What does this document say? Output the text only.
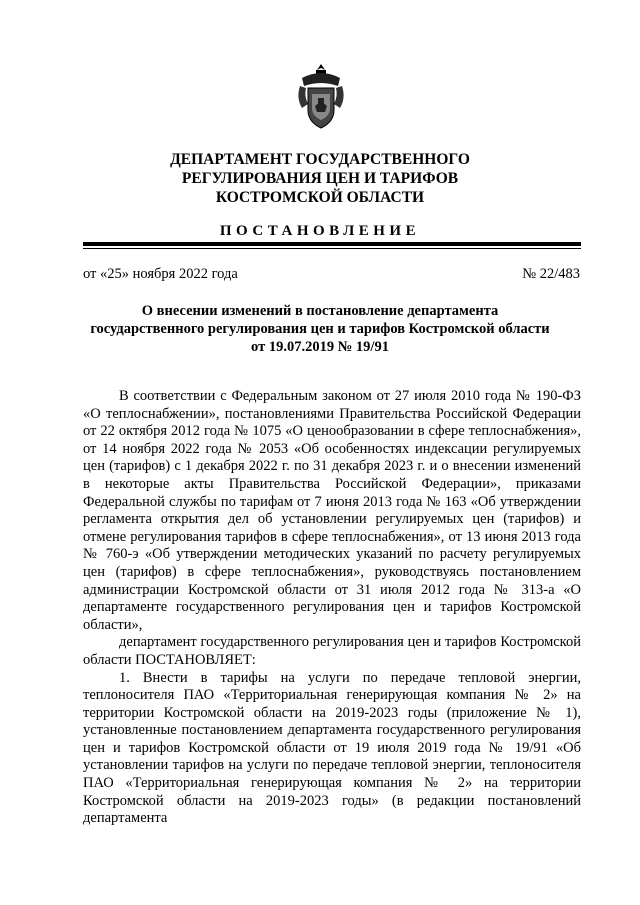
ДЕПАРТАМЕНТ ГОСУДАРСТВЕННОГО
РЕГУЛИРОВАНИЯ ЦЕН И ТАРИФОВ
КОСТРОМСКОЙ ОБЛАСТИ
ПОСТАНОВЛЕНИЕ
от «25» ноября 2022 года	№ 22/483
О внесении изменений в постановление департамента
государственного регулирования цен и тарифов Костромской области
от 19.07.2019 № 19/91

В соответствии с Федеральным законом от 27 июля 2010 года № 190-ФЗ «О теплоснабжении», постановлениями Правительства Российской Федерации от 22 октября 2012 года № 1075 «О ценообразовании в сфере теплоснабжения», от 14 ноября 2022 года № 2053 «Об особенностях индексации регулируемых цен (тарифов) с 1 декабря 2022 г. по 31 декабря 2023 г. и о внесении изменений в некоторые акты Правительства Российской Федерации», приказами Федеральной службы по тарифам от 7 июня 2013 года № 163 «Об утверждении регламента открытия дел об установлении регулируемых цен (тарифов) и отмене регулирования тарифов в сфере теплоснабжения», от 13 июня 2013 года № 760-э «Об утверждении методических указаний по расчету регулируемых цен (тарифов) в сфере теплоснабжения», руководствуясь постановлением администрации Костромской области от 31 июля 2012 года № 313-а «О департаменте государственного регулирования цен и тарифов Костромской области»,

департамент государственного регулирования цен и тарифов Костромской области ПОСТАНОВЛЯЕТ:

1. Внести в тарифы на услуги по передаче тепловой энергии, теплоносителя ПАО «Территориальная генерирующая компания № 2» на территории Костромской области на 2019-2023 годы (приложение № 1), установленные постановлением департамента государственного регулирования цен и тарифов Костромской области от 19 июля 2019 года № 19/91 «Об установлении тарифов на услуги по передаче тепловой энергии, теплоносителя ПАО «Территориальная генерирующая компания № 2» на территории Костромской области на 2019-2023 годы» (в редакции постановлений департамента
